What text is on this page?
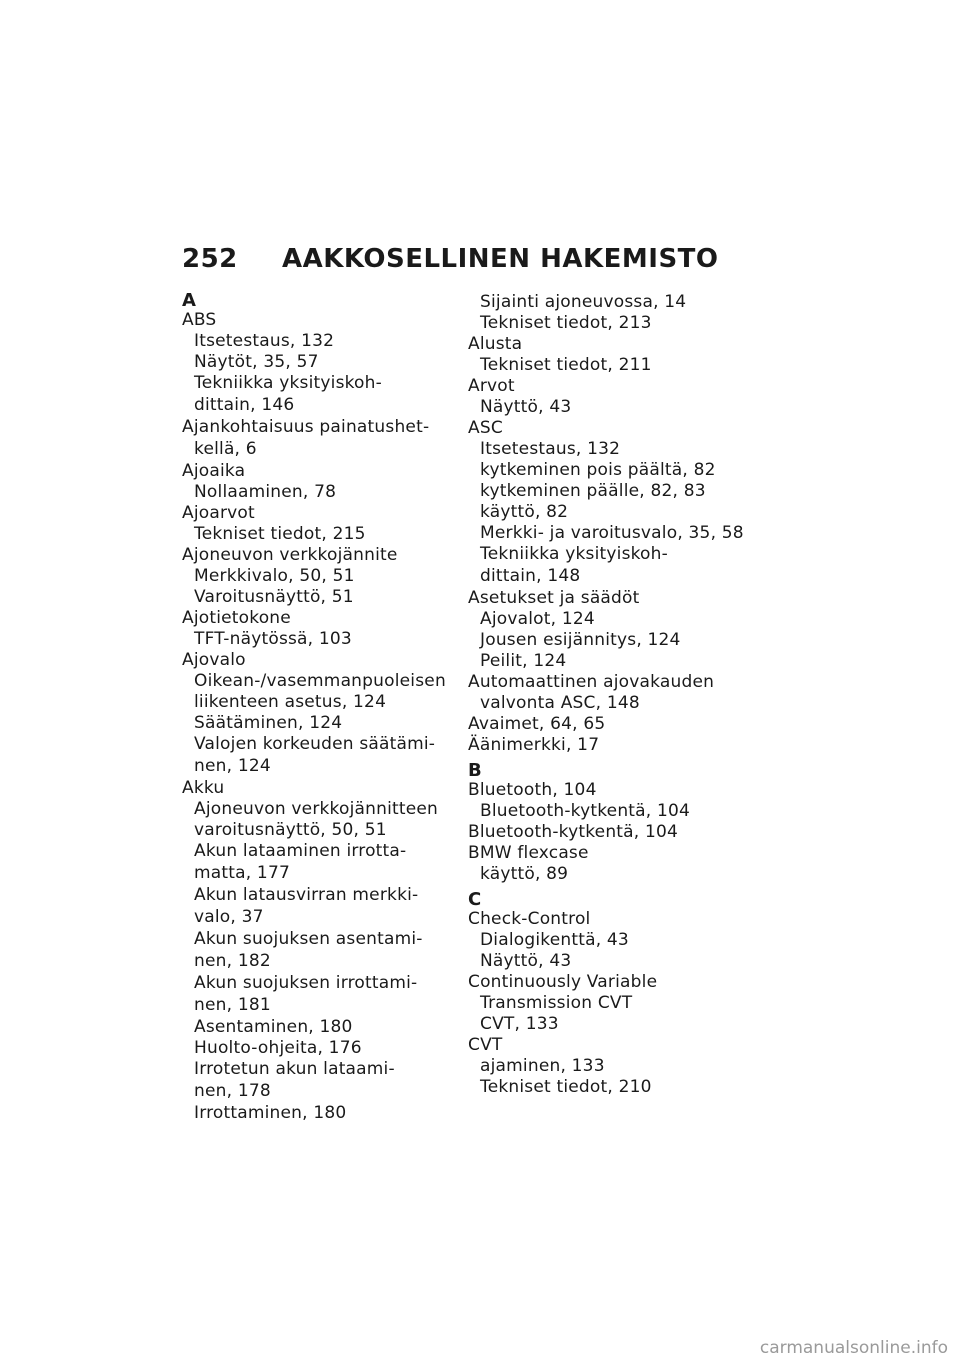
252 AAKKOSELLINEN HAKEMISTO
A
ABS
Itsetestaus, 132
Näytöt, 35, 57
Tekniikka yksityiskoh-
dittain, 146
Ajankohtaisuus painatushet-
kellä, 6
Ajoaika
Nollaaminen, 78
Ajoarvot
Tekniset tiedot, 215
Ajoneuvon verkkojännite
Merkkivalo, 50, 51
Varoitusnäyttö, 51
Ajotietokone
TFT-näytössä, 103
Ajovalo
Oikean-/vasemmanpuoleisen
liikenteen asetus, 124
Säätäminen, 124
Valojen korkeuden säätämi-
nen, 124
Akku
Ajoneuvon verkkojännitteen
varoitusnäyttö, 50, 51
Akun lataaminen irrotta-
matta, 177
Akun latausvirran merkki-
valo, 37
Akun suojuksen asentami-
nen, 182
Akun suojuksen irrottami-
nen, 181
Asentaminen, 180
Huolto-ohjeita, 176
Irrotetun akun lataami-
nen, 178
Irrottaminen, 180
Sijainti ajoneuvossa, 14
Tekniset tiedot, 213
Alusta
Tekniset tiedot, 211
Arvot
Näyttö, 43
ASC
Itsetestaus, 132
kytkeminen pois päältä, 82
kytkeminen päälle, 82, 83
käyttö, 82
Merkki- ja varoitusvalo, 35, 58
Tekniikka yksityiskoh-
dittain, 148
Asetukset ja säädöt
Ajovalot, 124
Jousen esijännitys, 124
Peilit, 124
Automaattinen ajovakauden
valvonta ASC, 148
Avaimet, 64, 65
Äänimerkki, 17
B
Bluetooth, 104
Bluetooth-kytkentä, 104
Bluetooth-kytkentä, 104
BMW flexcase
käyttö, 89
C
Check-Control
Dialogikenttä, 43
Näyttö, 43
Continuously Variable
Transmission CVT
CVT, 133
CVT
ajaminen, 133
Tekniset tiedot, 210
carmanualsonline.info
